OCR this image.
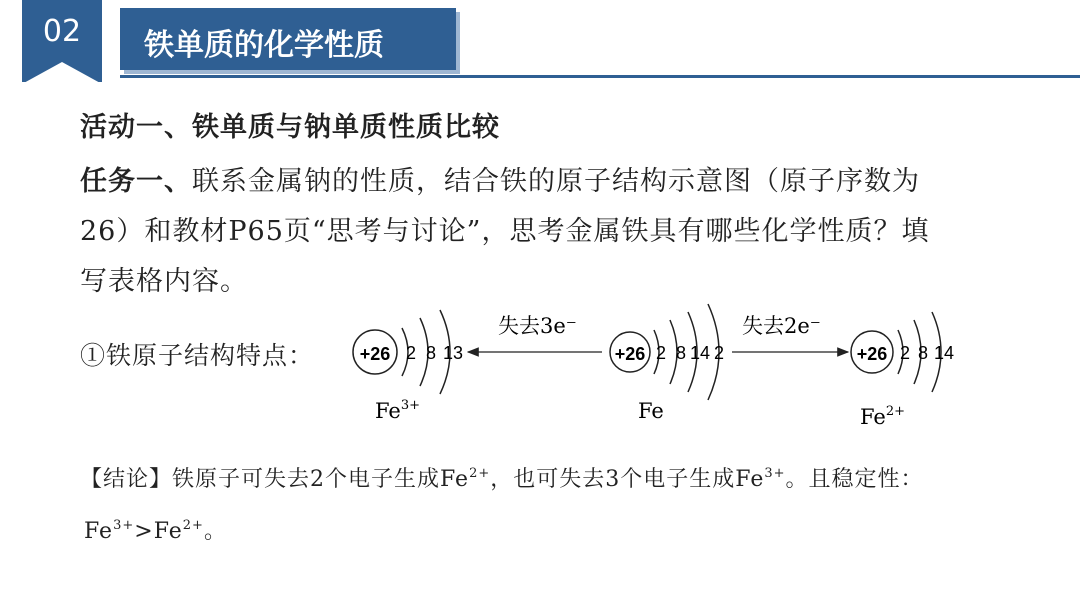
02	铁单质的化学性质
活动一、铁单质与钠单质性质比较
任务一、联系金属钠的性质，结合铁的原子结构示意图（原子序数为
26）和教材P65页“思考与讨论”，思考金属铁具有哪些化学性质？填
写表格内容。
①铁原子结构特点：	+26 2 8 13
失去3e⁻
+26 2 8 14 2
失去2e⁻
+26 2 8 14
$Fe^{3+}$	Fe	$Fe^{2+}$
【结论】铁原子可失去2个电子生成$Fe^{2+}$，也可失去3个电子生成$Fe^{3+}$。且稳定性：
$Fe^{3+}>Fe^{2+}$。
